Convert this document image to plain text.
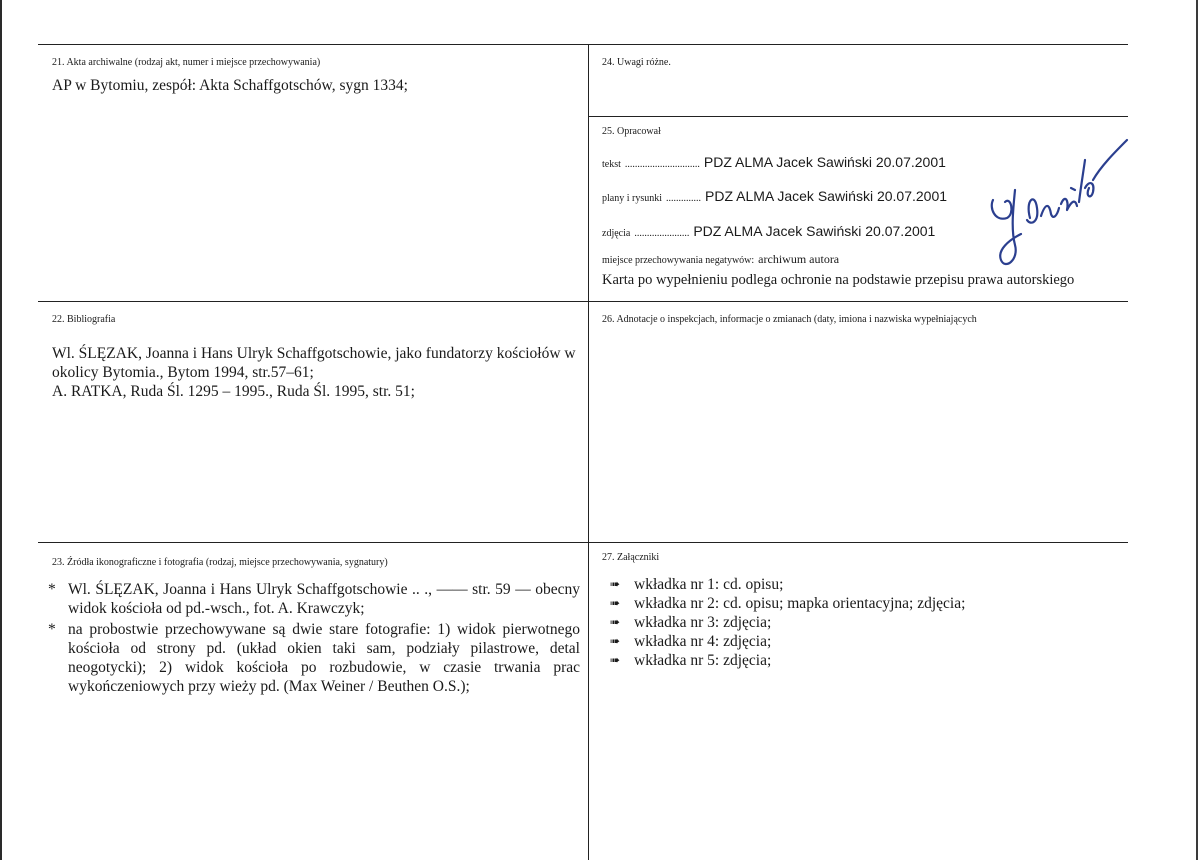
21. Akta archiwalne (rodzaj akt, numer i miejsce przechowywania)
AP w Bytomiu, zespół: Akta Schaffgotschów, sygn 1334;
24. Uwagi różne.
25. Opracował
tekst .............................. PDZ ALMA Jacek Sawiński 20.07.2001
plany i rysunki .............. PDZ ALMA Jacek Sawiński 20.07.2001
zdjęcia ...................... PDZ ALMA Jacek Sawiński 20.07.2001
miejsce przechowywania negatywów: archiwum autora
Karta po wypełnieniu podlega ochronie na podstawie przepisu prawa autorskiego
22. Bibliografia

Wl. ŚLĘZAK, Joanna i Hans Ulryk Schaffgotschowie, jako fundatorzy kościołów w

okolicy Bytomia., Bytom 1994, str.57–61;

A. RATKA, Ruda Śl. 1295 – 1995., Ruda Śl. 1995, str. 51;

26. Adnotacje o inspekcjach, informacje o zmianach (daty, imiona i nazwiska wypełniających
23. Źródła ikonograficzne i fotografia (rodzaj, miejsce przechowywania, sygnatury)
* Wl. ŚLĘZAK, Joanna i Hans Ulryk Schaffgotschowie .. ., —— str. 59 — obecny widok kościoła od pd.-wsch., fot. A. Krawczyk;
* na probostwie przechowywane są dwie stare fotografie: 1) widok pierwotnego kościoła od strony pd. (układ okien taki sam, podziały pilastrowe, detal neogotycki); 2) widok kościoła po rozbudowie, w czasie trwania prac wykończeniowych przy wieży pd. (Max Weiner / Beuthen O.S.);
27. Załączniki
➠ wkładka nr 1: cd. opisu;
➠ wkładka nr 2: cd. opisu; mapka orientacyjna; zdjęcia;
➠ wkładka nr 3: zdjęcia;
➠ wkładka nr 4: zdjęcia;
➠ wkładka nr 5: zdjęcia;
